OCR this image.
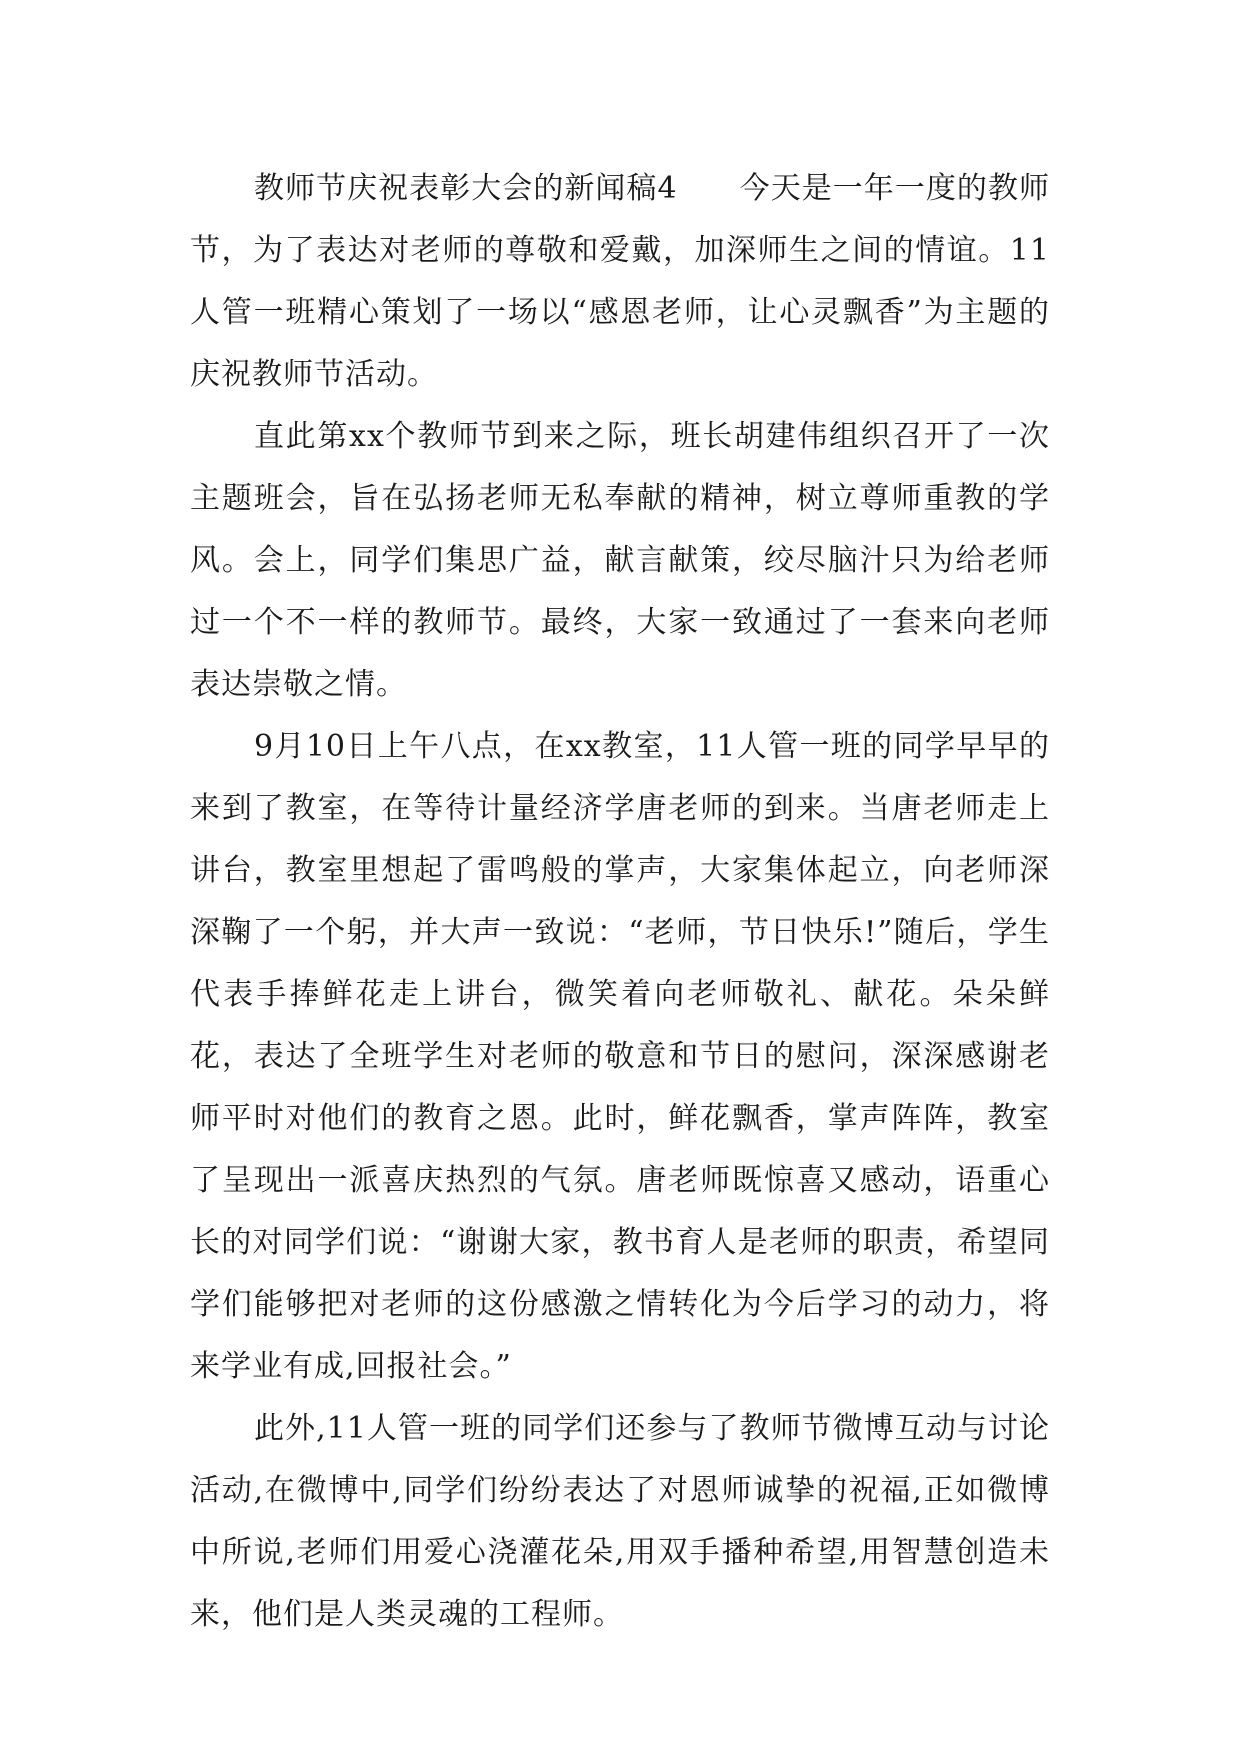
教师节庆祝表彰大会的新闻稿4　　今天是一年一度的教师节，为了表达对老师的尊敬和爱戴，加深师生之间的情谊。11人管一班精心策划了一场以“感恩老师，让心灵飘香”为主题的庆祝教师节活动。

直此第xx个教师节到来之际，班长胡建伟组织召开了一次主题班会，旨在弘扬老师无私奉献的精神，树立尊师重教的学风。会上，同学们集思广益，献言献策，绞尽脑汁只为给老师过一个不一样的教师节。最终，大家一致通过了一套来向老师表达崇敬之情。

9月10日上午八点，在xx教室，11人管一班的同学早早的来到了教室，在等待计量经济学唐老师的到来。当唐老师走上讲台，教室里想起了雷鸣般的掌声，大家集体起立，向老师深深鞠了一个躬，并大声一致说：“老师，节日快乐!”随后，学生代表手捧鲜花走上讲台，微笑着向老师敬礼、献花。朵朵鲜花，表达了全班学生对老师的敬意和节日的慰问，深深感谢老师平时对他们的教育之恩。此时，鲜花飘香，掌声阵阵，教室了呈现出一派喜庆热烈的气氛。唐老师既惊喜又感动，语重心长的对同学们说：“谢谢大家，教书育人是老师的职责，希望同学们能够把对老师的这份感激之情转化为今后学习的动力，将来学业有成,回报社会。”

此外,11人管一班的同学们还参与了教师节微博互动与讨论活动,在微博中,同学们纷纷表达了对恩师诚挚的祝福,正如微博中所说,老师们用爱心浇灌花朵,用双手播种希望,用智慧创造未来，他们是人类灵魂的工程师。
